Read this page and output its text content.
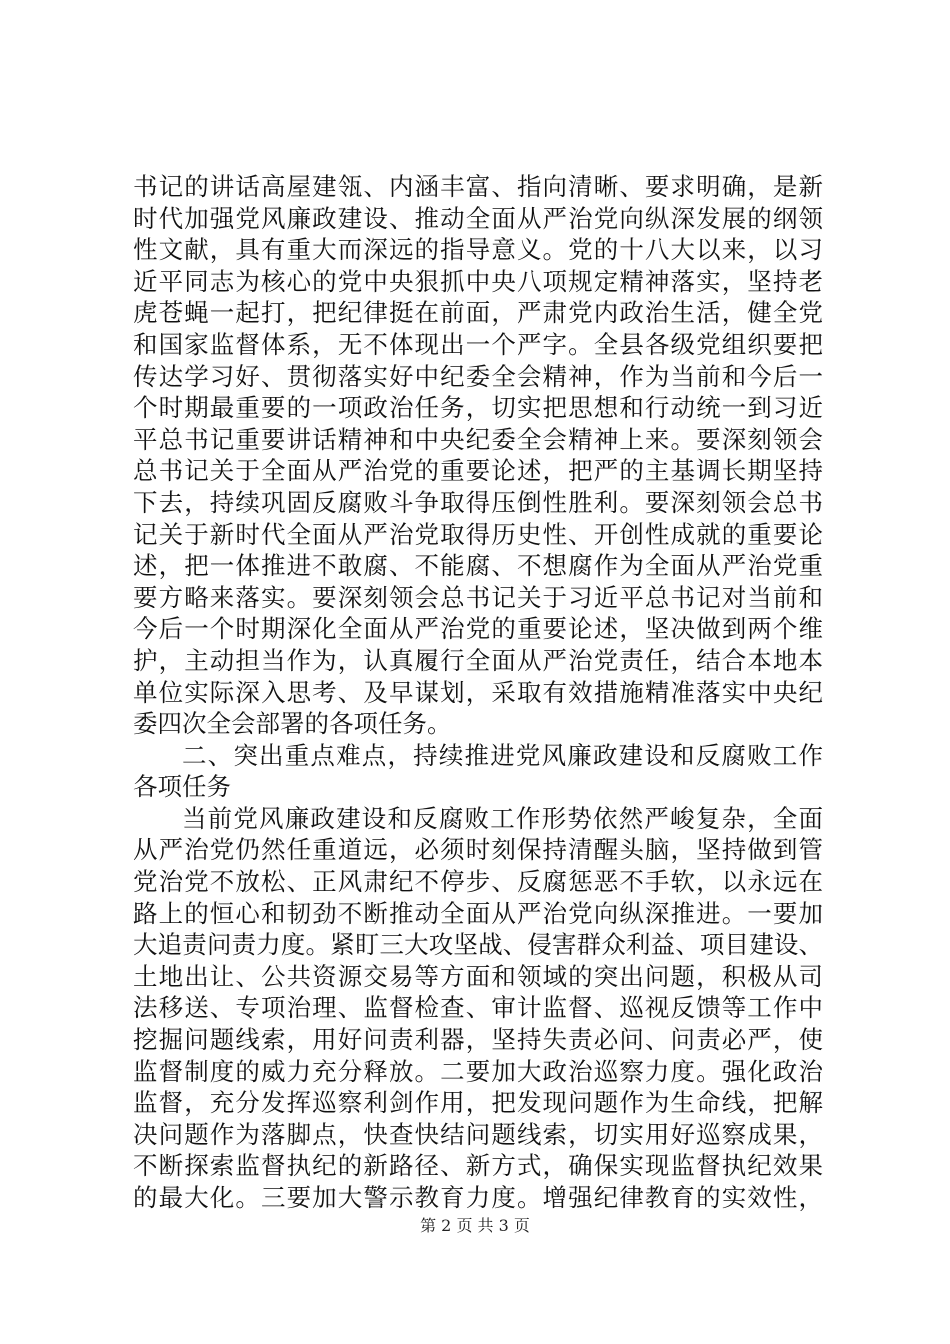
书记的讲话高屋建瓴、内涵丰富、指向清晰、要求明确，是新
时代加强党风廉政建设、推动全面从严治党向纵深发展的纲领
性文献，具有重大而深远的指导意义。党的十八大以来，以习
近平同志为核心的党中央狠抓中央八项规定精神落实，坚持老
虎苍蝇一起打，把纪律挺在前面，严肃党内政治生活，健全党
和国家监督体系，无不体现出一个严字。全县各级党组织要把
传达学习好、贯彻落实好中纪委全会精神，作为当前和今后一
个时期最重要的一项政治任务，切实把思想和行动统一到习近
平总书记重要讲话精神和中央纪委全会精神上来。要深刻领会
总书记关于全面从严治党的重要论述，把严的主基调长期坚持
下去，持续巩固反腐败斗争取得压倒性胜利。要深刻领会总书
记关于新时代全面从严治党取得历史性、开创性成就的重要论
述，把一体推进不敢腐、不能腐、不想腐作为全面从严治党重
要方略来落实。要深刻领会总书记关于习近平总书记对当前和
今后一个时期深化全面从严治党的重要论述，坚决做到两个维
护，主动担当作为，认真履行全面从严治党责任，结合本地本
单位实际深入思考、及早谋划，采取有效措施精准落实中央纪
委四次全会部署的各项任务。
二、突出重点难点，持续推进党风廉政建设和反腐败工作
各项任务
当前党风廉政建设和反腐败工作形势依然严峻复杂，全面
从严治党仍然任重道远，必须时刻保持清醒头脑，坚持做到管
党治党不放松、正风肃纪不停步、反腐惩恶不手软，以永远在
路上的恒心和韧劲不断推动全面从严治党向纵深推进。一要加
大追责问责力度。紧盯三大攻坚战、侵害群众利益、项目建设、
土地出让、公共资源交易等方面和领域的突出问题，积极从司
法移送、专项治理、监督检查、审计监督、巡视反馈等工作中
挖掘问题线索，用好问责利器，坚持失责必问、问责必严，使
监督制度的威力充分释放。二要加大政治巡察力度。强化政治
监督，充分发挥巡察利剑作用，把发现问题作为生命线，把解
决问题作为落脚点，快查快结问题线索，切实用好巡察成果，
不断探索监督执纪的新路径、新方式，确保实现监督执纪效果
的最大化。三要加大警示教育力度。增强纪律教育的实效性，
第 2 页 共 3 页
